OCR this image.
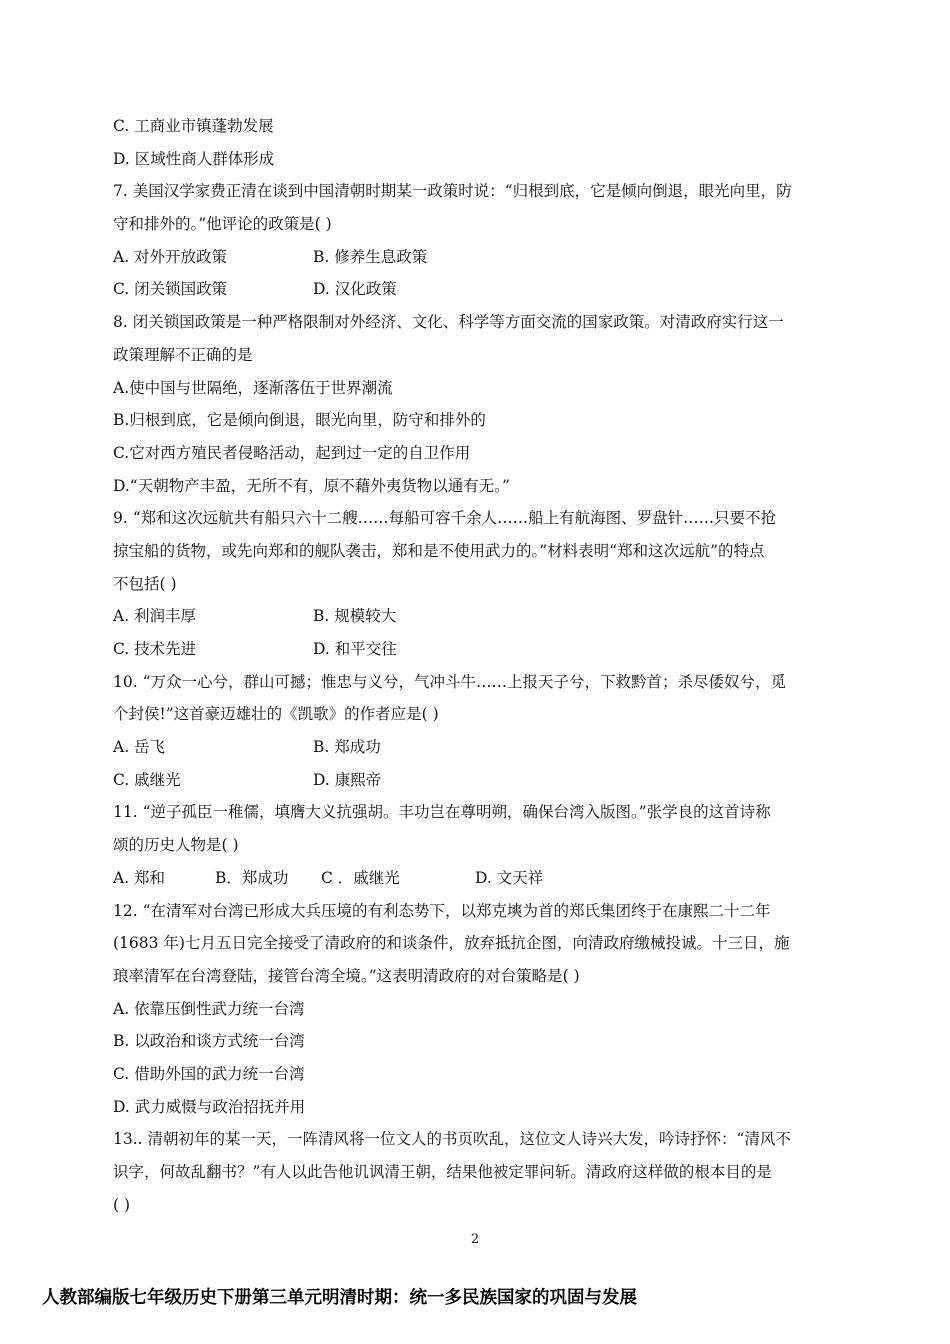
C. 工商业市镇蓬勃发展
D. 区域性商人群体形成
7. 美国汉学家费正清在谈到中国清朝时期某一政策时说：“归根到底，它是倾向倒退，眼光向里，防
守和排外的。”他评论的政策是( )
A. 对外开放政策	B. 修养生息政策
C. 闭关锁国政策	D. 汉化政策
8. 闭关锁国政策是一种严格限制对外经济、文化、科学等方面交流的国家政策。对清政府实行这一
政策理解不正确的是
A.使中国与世隔绝，逐渐落伍于世界潮流
B.归根到底，它是倾向倒退，眼光向里，防守和排外的
C.它对西方殖民者侵略活动，起到过一定的自卫作用
D.“天朝物产丰盈，无所不有，原不藉外夷货物以通有无。”
9. “郑和这次远航共有船只六十二艘……每船可容千余人……船上有航海图、罗盘针……只要不抢
掠宝船的货物，或先向郑和的舰队袭击，郑和是不使用武力的。”材料表明“郑和这次远航”的特点
不包括( )
A. 利润丰厚	B. 规模较大
C. 技术先进	D. 和平交往
10. “万众一心兮，群山可撼；惟忠与义兮，气冲斗牛……上报天子兮，下救黔首；杀尽倭奴兮，觅
个封侯!”这首豪迈雄壮的《凯歌》的作者应是( )
A. 岳飞	B. 郑成功
C. 戚继光	D. 康熙帝
11. “逆子孤臣一稚儒，填膺大义抗强胡。丰功岂在尊明朔，确保台湾入版图。”张学良的这首诗称
颂的历史人物是( )
A. 郑和	B．郑成功	C ．戚继光	D. 文天祥
12. “在清军对台湾已形成大兵压境的有利态势下，以郑克塽为首的郑氏集团终于在康熙二十二年
(1683 年)七月五日完全接受了清政府的和谈条件，放弃抵抗企图，向清政府缴械投诚。十三日，施
琅率清军在台湾登陆，接管台湾全境。”这表明清政府的对台策略是( )
A. 依靠压倒性武力统一台湾
B. 以政治和谈方式统一台湾
C. 借助外国的武力统一台湾
D. 武力威慑与政治招抚并用
13.. 清朝初年的某一天，一阵清风将一位文人的书页吹乱，这位文人诗兴大发，吟诗抒怀：“清风不
识字，何故乱翻书？”有人以此告他讥讽清王朝，结果他被定罪问斩。清政府这样做的根本目的是
( )
2
人教部编版七年级历史下册第三单元明清时期：统一多民族国家的巩固与发展
